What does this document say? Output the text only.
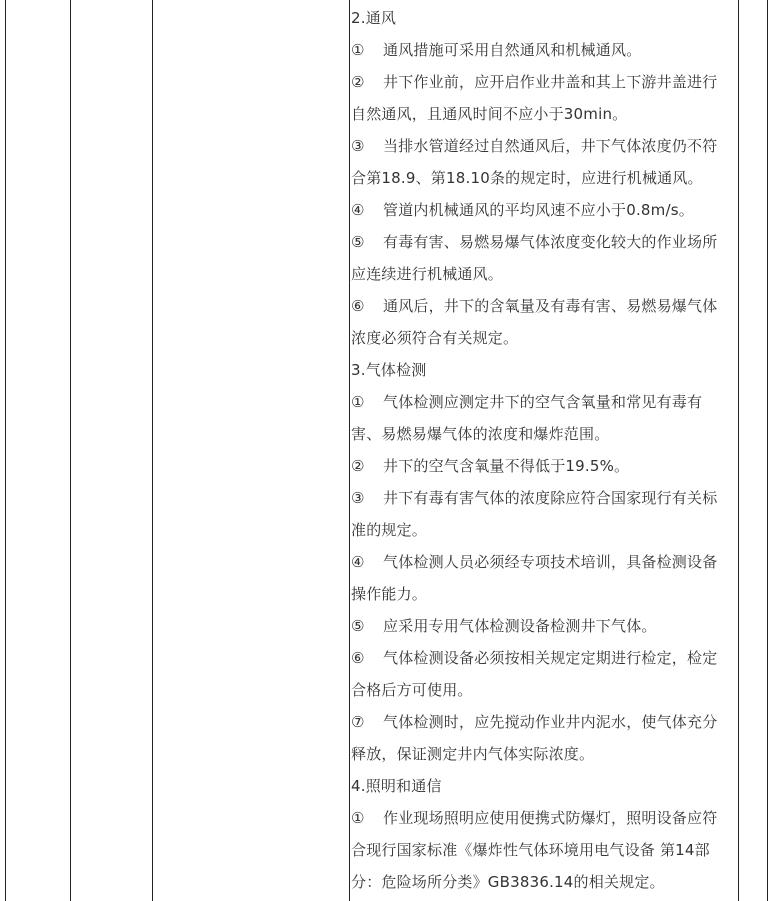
2.通风
① 通风措施可采用自然通风和机械通风。
② 井下作业前，应开启作业井盖和其上下游井盖进行
自然通风，且通风时间不应小于30min。
③ 当排水管道经过自然通风后，井下气体浓度仍不符
合第18.9、第18.10条的规定时，应进行机械通风。
④ 管道内机械通风的平均风速不应小于0.8m/s。
⑤ 有毒有害、易燃易爆气体浓度变化较大的作业场所
应连续进行机械通风。
⑥ 通风后，井下的含氧量及有毒有害、易燃易爆气体
浓度必须符合有关规定。
3.气体检测
① 气体检测应测定井下的空气含氧量和常见有毒有
害、易燃易爆气体的浓度和爆炸范围。
② 井下的空气含氧量不得低于19.5%。
③ 井下有毒有害气体的浓度除应符合国家现行有关标
准的规定。
④ 气体检测人员必须经专项技术培训，具备检测设备
操作能力。
⑤ 应采用专用气体检测设备检测井下气体。
⑥ 气体检测设备必须按相关规定定期进行检定，检定
合格后方可使用。
⑦ 气体检测时，应先搅动作业井内泥水，使气体充分
释放，保证测定井内气体实际浓度。
4.照明和通信
① 作业现场照明应使用便携式防爆灯，照明设备应符
合现行国家标准《爆炸性气体环境用电气设备 第14部
分：危险场所分类》GB3836.14的相关规定。
